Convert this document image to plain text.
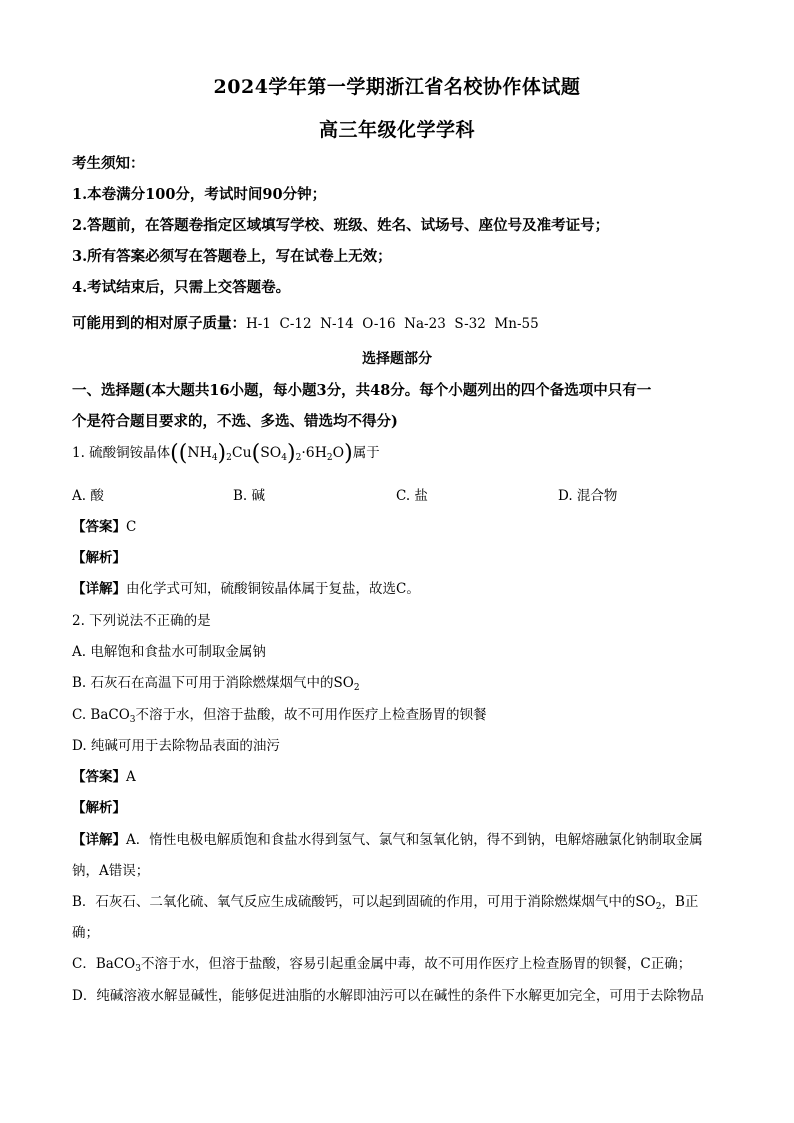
2024学年第一学期浙江省名校协作体试题
高三年级化学学科
考生须知：
1.本卷满分100分，考试时间90分钟；
2.答题前，在答题卷指定区域填写学校、班级、姓名、试场号、座位号及准考证号；
3.所有答案必须写在答题卷上，写在试卷上无效；
4.考试结束后，只需上交答题卷。
可能用到的相对原子质量：H-1  C-12  N-14  O-16  Na-23  S-32  Mn-55
选择题部分
一、选择题(本大题共16小题，每小题3分，共48分。每个小题列出的四个备选项中只有一
个是符合题目要求的，不选、多选、错选均不得分)
1. 硫酸铜铵晶体$((NH_4)_2Cu(SO_4)_2\cdot 6H_2O)$属于
A. 酸	B. 碱	C. 盐	D. 混合物
【答案】C
【解析】
【详解】由化学式可知，硫酸铜铵晶体属于复盐，故选C。
2. 下列说法不正确的是
A. 电解饱和食盐水可制取金属钠
B. 石灰石在高温下可用于消除燃煤烟气中的$SO_2$
C. BaCO$_3$不溶于水，但溶于盐酸，故不可用作医疗上检查肠胃的钡餐
D. 纯碱可用于去除物品表面的油污
【答案】A
【解析】
【详解】A．惰性电极电解质饱和食盐水得到氢气、氯气和氢氧化钠，得不到钠，电解熔融氯化钠制取金属
钠，A错误；
B．石灰石、二氧化硫、氧气反应生成硫酸钙，可以起到固硫的作用，可用于消除燃煤烟气中的$SO_2$，B正
确；
C．BaCO$_3$不溶于水，但溶于盐酸，容易引起重金属中毒，故不可用作医疗上检查肠胃的钡餐，C正确；
D．纯碱溶液水解显碱性，能够促进油脂的水解即油污可以在碱性的条件下水解更加完全，可用于去除物品
